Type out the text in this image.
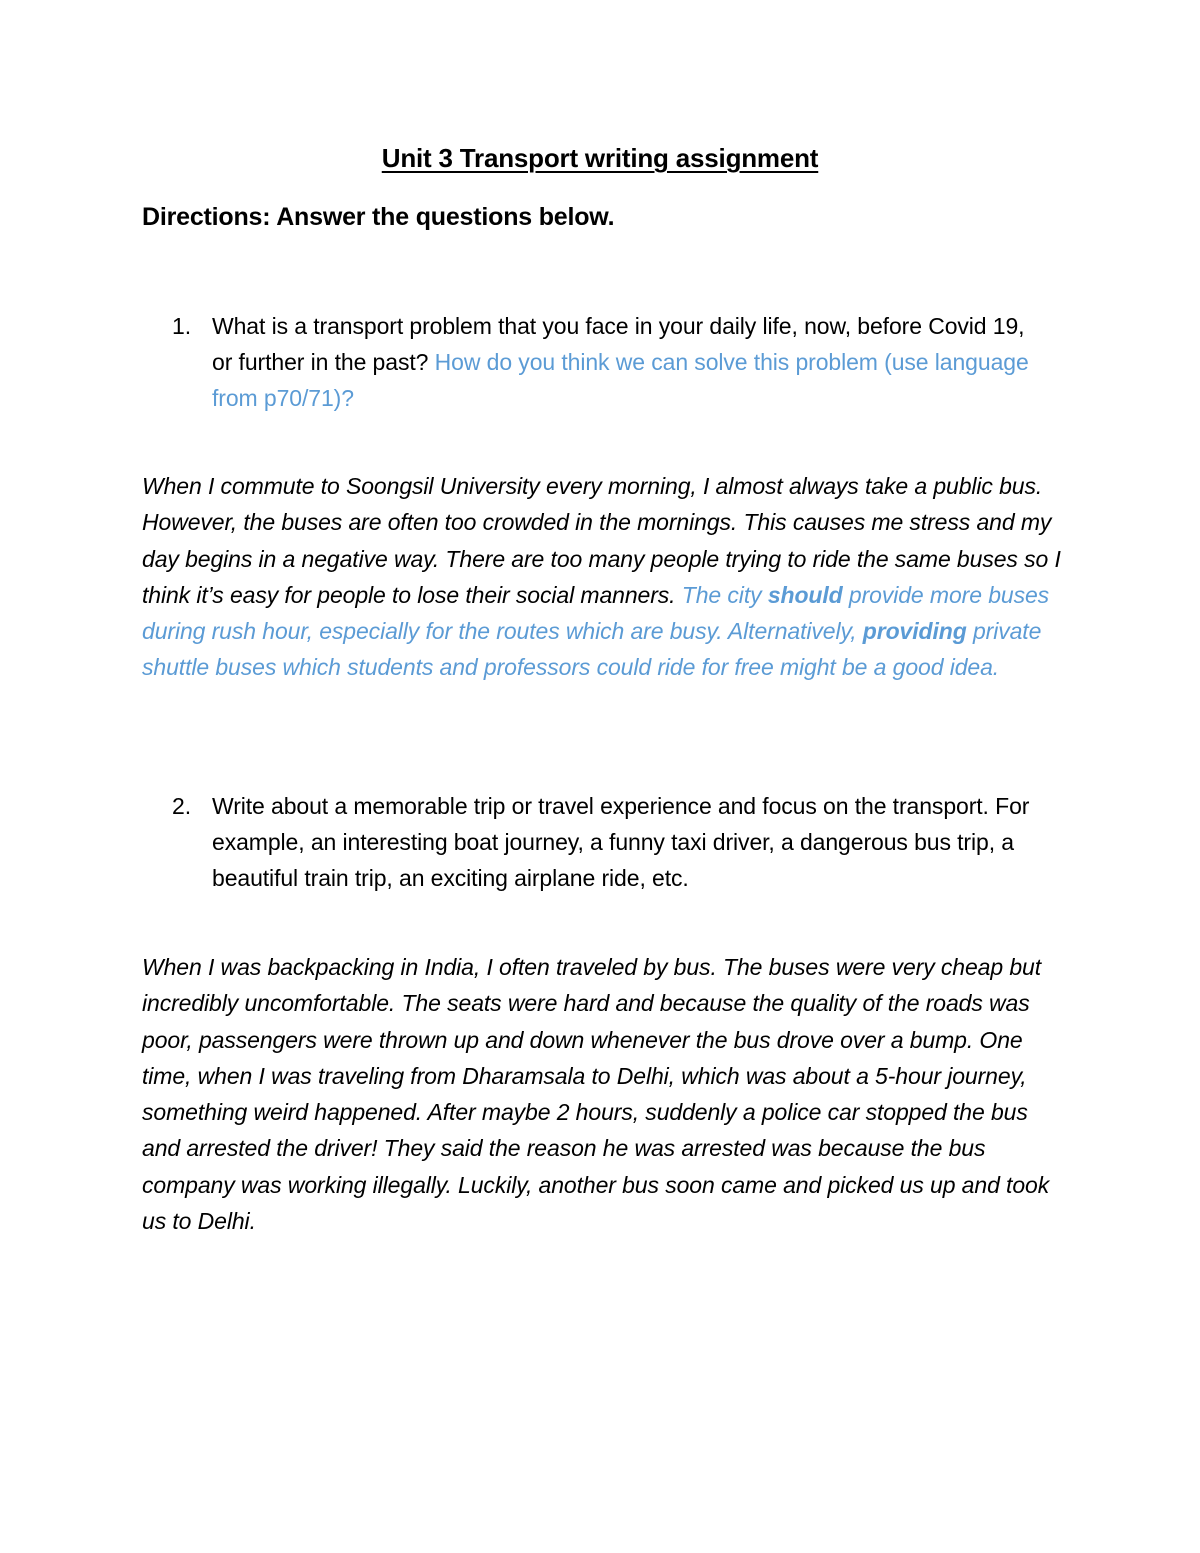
Unit 3 Transport writing assignment
Directions: Answer the questions below.
1. What is a transport problem that you face in your daily life, now, before Covid 19, or further in the past? How do you think we can solve this problem (use language from p70/71)?
When I commute to Soongsil University every morning, I almost always take a public bus. However, the buses are often too crowded in the mornings. This causes me stress and my day begins in a negative way. There are too many people trying to ride the same buses so I think it’s easy for people to lose their social manners. The city should provide more buses during rush hour, especially for the routes which are busy. Alternatively, providing private shuttle buses which students and professors could ride for free might be a good idea.
2. Write about a memorable trip or travel experience and focus on the transport. For example, an interesting boat journey, a funny taxi driver, a dangerous bus trip, a beautiful train trip, an exciting airplane ride, etc.
When I was backpacking in India, I often traveled by bus. The buses were very cheap but incredibly uncomfortable. The seats were hard and because the quality of the roads was poor, passengers were thrown up and down whenever the bus drove over a bump. One time, when I was traveling from Dharamsala to Delhi, which was about a 5-hour journey, something weird happened. After maybe 2 hours, suddenly a police car stopped the bus and arrested the driver! They said the reason he was arrested was because the bus company was working illegally. Luckily, another bus soon came and picked us up and took us to Delhi.
